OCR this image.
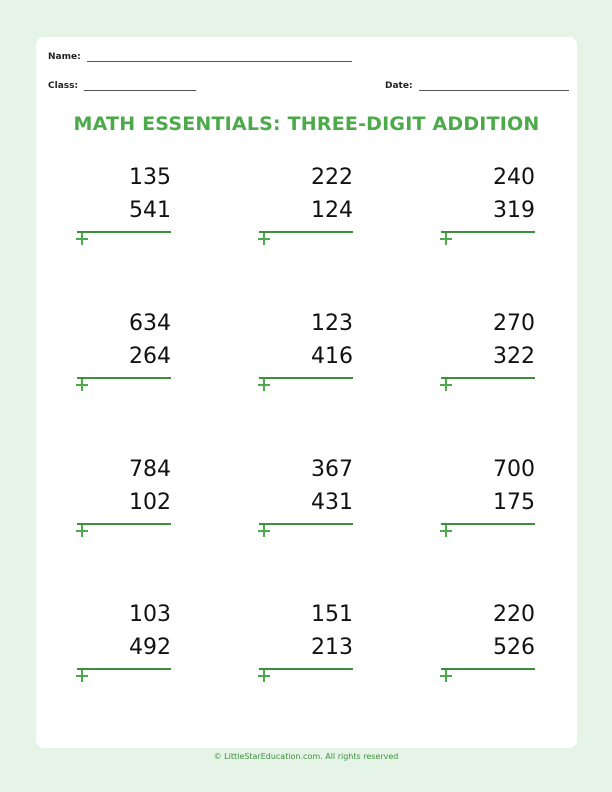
Name:
Class:	Date:
MATH ESSENTIALS: THREE-DIGIT ADDITION
135
541
222
124
240
319
634
264
123
416
270
322
784
102
367
431
700
175
103
492
151
213
220
526
© LittleStarEducation.com. All rights reserved
